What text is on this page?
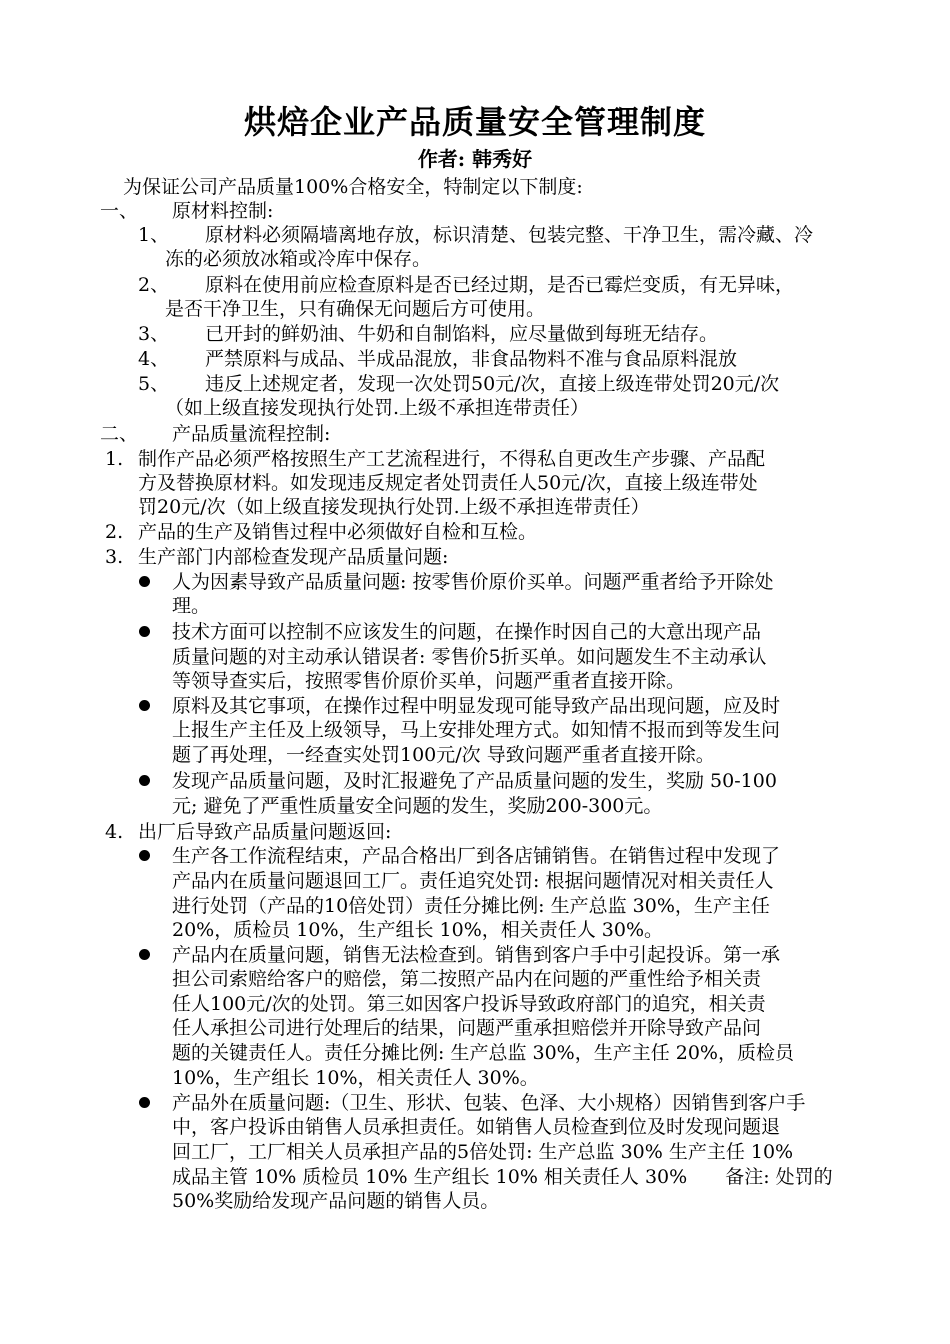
烘焙企业产品质量安全管理制度
作者: 韩秀好
为保证公司产品质量100%合格安全，特制定以下制度:
一、 原材料控制:
1、 原材料必须隔墙离地存放，标识清楚、包装完整、干净卫生，需冷藏、冷
冻的必须放冰箱或冷库中保存。
2、 原料在使用前应检查原料是否已经过期，是否已霉烂变质，有无异味，
是否干净卫生，只有确保无问题后方可使用。
3、 已开封的鲜奶油、牛奶和自制馅料，应尽量做到每班无结存。
4、 严禁原料与成品、半成品混放，非食品物料不准与食品原料混放
5、 违反上述规定者，发现一次处罚50元/次，直接上级连带处罚20元/次
（如上级直接发现执行处罚.上级不承担连带责任）
二、 产品质量流程控制:
1. 制作产品必须严格按照生产工艺流程进行，不得私自更改生产步骤、产品配
方及替换原材料。如发现违反规定者处罚责任人50元/次，直接上级连带处
罚20元/次（如上级直接发现执行处罚.上级不承担连带责任）
2. 产品的生产及销售过程中必须做好自检和互检。
3. 生产部门内部检查发现产品质量问题:
人为因素导致产品质量问题: 按零售价原价买单。问题严重者给予开除处
理。
技术方面可以控制不应该发生的问题，在操作时因自己的大意出现产品
质量问题的对主动承认错误者: 零售价5折买单。如问题发生不主动承认
等领导查实后，按照零售价原价买单，问题严重者直接开除。
原料及其它事项，在操作过程中明显发现可能导致产品出现问题，应及时
上报生产主任及上级领导，马上安排处理方式。如知情不报而到等发生问
题了再处理，一经查实处罚100元/次 导致问题严重者直接开除。
发现产品质量问题，及时汇报避免了产品质量问题的发生，奖励 50-100
元; 避免了严重性质量安全问题的发生，奖励200-300元。
4. 出厂后导致产品质量问题返回:
生产各工作流程结束，产品合格出厂到各店铺销售。在销售过程中发现了
产品内在质量问题退回工厂。责任追究处罚: 根据问题情况对相关责任人
进行处罚（产品的10倍处罚）责任分摊比例: 生产总监 30%，生产主任
20%，质检员 10%，生产组长 10%，相关责任人 30%。
产品内在质量问题，销售无法检查到。销售到客户手中引起投诉。第一承
担公司索赔给客户的赔偿，第二按照产品内在问题的严重性给予相关责
任人100元/次的处罚。第三如因客户投诉导致政府部门的追究，相关责
任人承担公司进行处理后的结果，问题严重承担赔偿并开除导致产品问
题的关键责任人。责任分摊比例: 生产总监 30%，生产主任 20%，质检员
10%，生产组长 10%，相关责任人 30%。
产品外在质量问题:（卫生、形状、包装、色泽、大小规格）因销售到客户手
中，客户投诉由销售人员承担责任。如销售人员检查到位及时发现问题退
回工厂，工厂相关人员承担产品的5倍处罚: 生产总监 30% 生产主任 10%
成品主管 10% 质检员 10% 生产组长 10% 相关责任人 30%　　备注: 处罚的
50%奖励给发现产品问题的销售人员。
